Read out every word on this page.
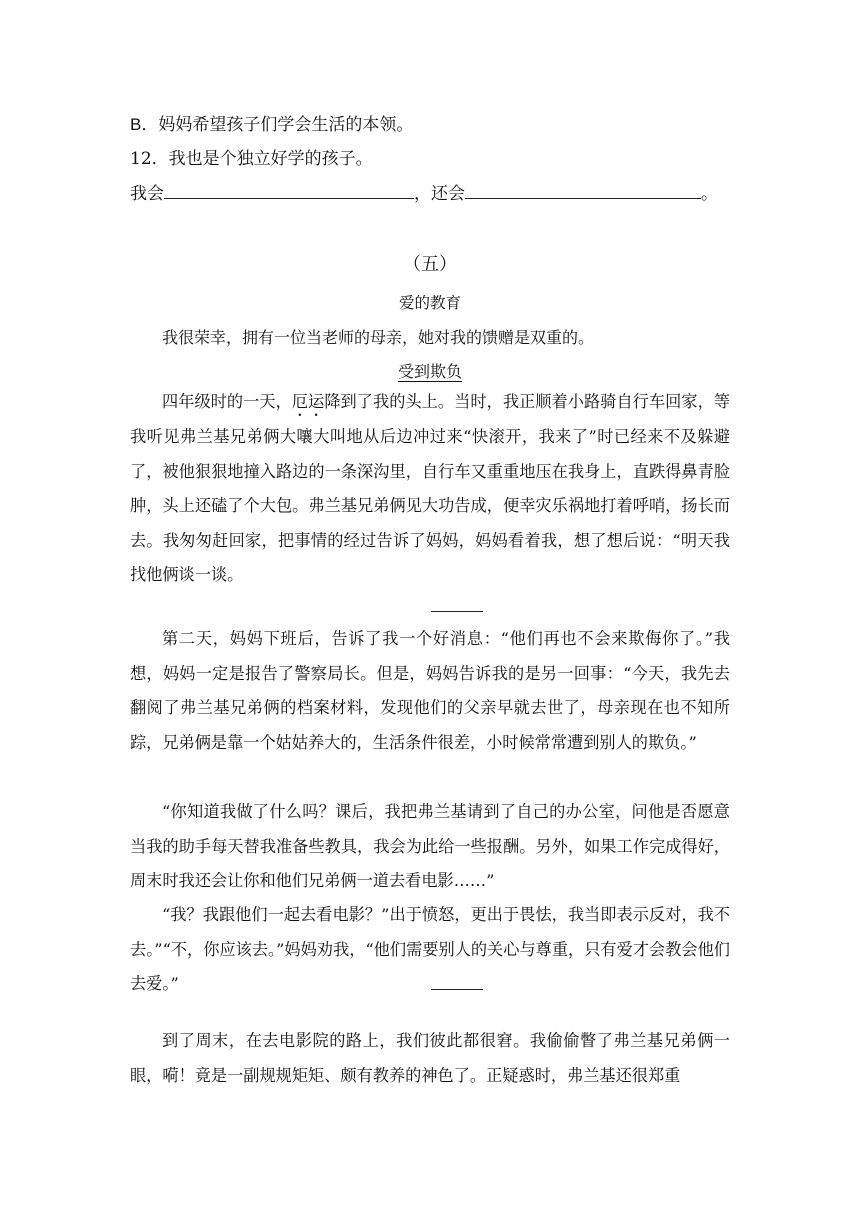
B．妈妈希望孩子们学会生活的本领。
12．我也是个独立好学的孩子。
我会	，还会	。
（五）
爱的教育
我很荣幸，拥有一位当老师的母亲，她对我的馈赠是双重的。
受到欺负
四年级时的一天，厄运降到了我的头上。当时，我正顺着小路骑自行车回家，等我听见弗兰基兄弟俩大嚷大叫地从后边冲过来“快滚开，我来了”时已经来不及躲避了，被他狠狠地撞入路边的一条深沟里，自行车又重重地压在我身上，直跌得鼻青脸肿，头上还磕了个大包。弗兰基兄弟俩见大功告成，便幸灾乐祸地打着呼哨，扬长而去。我匆匆赶回家，把事情的经过告诉了妈妈，妈妈看着我，想了想后说：“明天我找他俩谈一谈。
第二天，妈妈下班后，告诉了我一个好消息：“他们再也不会来欺侮你了。”我想，妈妈一定是报告了警察局长。但是，妈妈告诉我的是另一回事：“今天，我先去翻阅了弗兰基兄弟俩的档案材料，发现他们的父亲早就去世了，母亲现在也不知所踪，兄弟俩是靠一个姑姑养大的，生活条件很差，小时候常常遭到别人的欺负。”
“你知道我做了什么吗？课后，我把弗兰基请到了自己的办公室，问他是否愿意当我的助手每天替我准备些教具，我会为此给一些报酬。另外，如果工作完成得好，周末时我还会让你和他们兄弟俩一道去看电影……”
“我？我跟他们一起去看电影？”出于愤怒，更出于畏怯，我当即表示反对，我不去。”“不，你应该去。”妈妈劝我，“他们需要别人的关心与尊重，只有爱才会教会他们去爱。”
到了周末，在去电影院的路上，我们彼此都很窘。我偷偷瞥了弗兰基兄弟俩一眼，嗬！竟是一副规规矩矩、颇有教养的神色了。正疑惑时，弗兰基还很郑重
